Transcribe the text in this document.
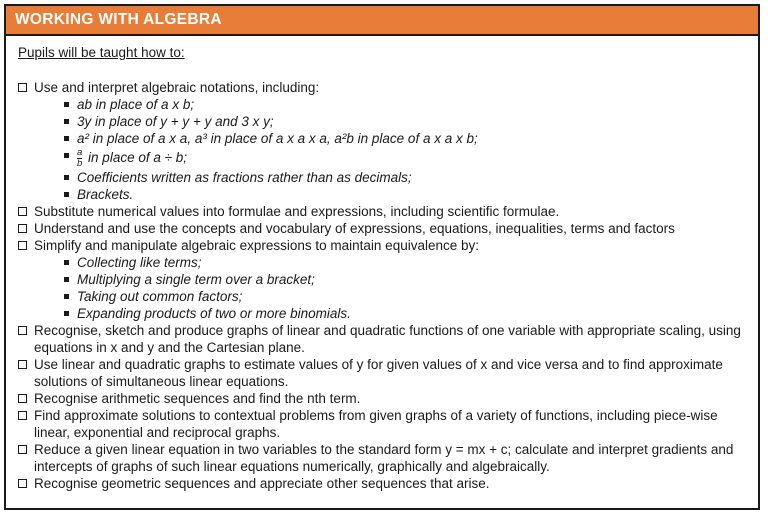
WORKING WITH ALGEBRA
Pupils will be taught how to:
Use and interpret algebraic notations, including:
ab in place of a x b;
3y in place of y + y + y and 3 x y;
a² in place of a x a, a³ in place of a x a x a, a²b in place of a x a x b;
$\frac{a}{b}$ in place of a ÷ b;
Coefficients written as fractions rather than as decimals;
Brackets.
Substitute numerical values into formulae and expressions, including scientific formulae.
Understand and use the concepts and vocabulary of expressions, equations, inequalities, terms and factors
Simplify and manipulate algebraic expressions to maintain equivalence by:
Collecting like terms;
Multiplying a single term over a bracket;
Taking out common factors;
Expanding products of two or more binomials.
Recognise, sketch and produce graphs of linear and quadratic functions of one variable with appropriate scaling, using equations in x and y and the Cartesian plane.
Use linear and quadratic graphs to estimate values of y for given values of x and vice versa and to find approximate solutions of simultaneous linear equations.
Recognise arithmetic sequences and find the nth term.
Find approximate solutions to contextual problems from given graphs of a variety of functions, including piece-wise linear, exponential and reciprocal graphs.
Reduce a given linear equation in two variables to the standard form y = mx + c; calculate and interpret gradients and intercepts of graphs of such linear equations numerically, graphically and algebraically.
Recognise geometric sequences and appreciate other sequences that arise.
